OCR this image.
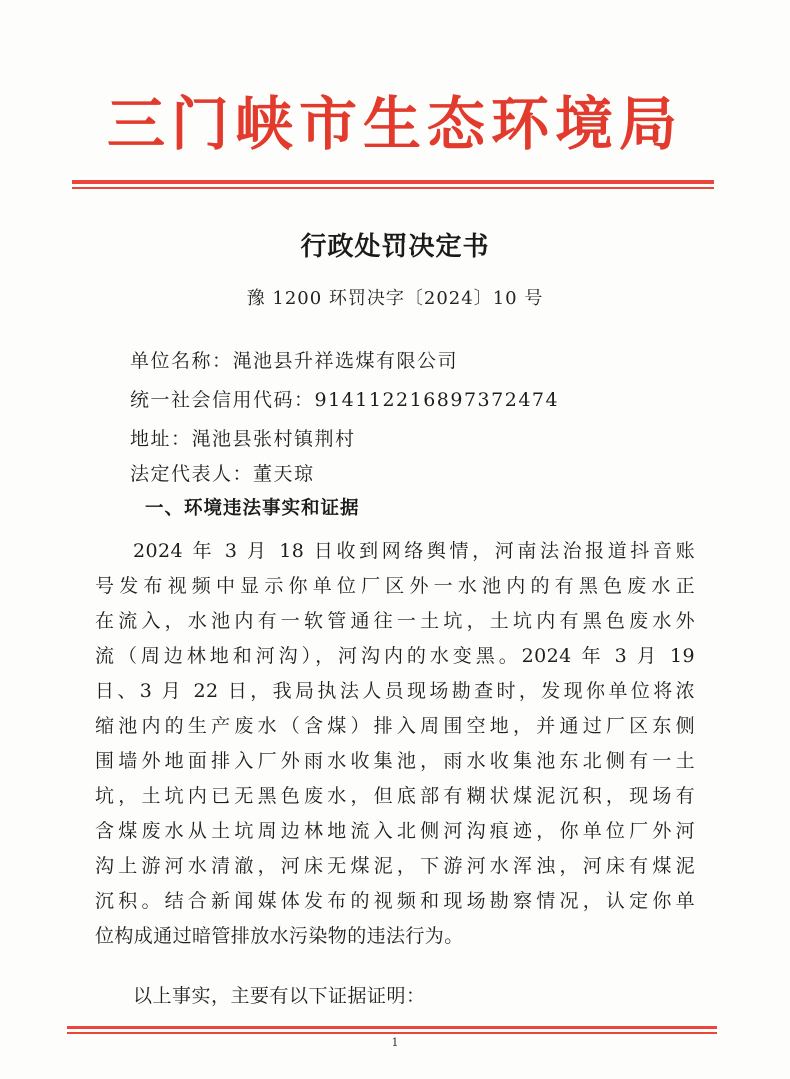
三门峡市生态环境局
行政处罚决定书
豫 1200 环罚决字〔2024〕10 号
单位名称：渑池县升祥选煤有限公司
统一社会信用代码：914112216897372474
地址：渑池县张村镇荆村
法定代表人：董天琼
一、环境违法事实和证据
2024 年 3 月 18 日收到网络舆情，河南法治报道抖音账
号发布视频中显示你单位厂区外一水池内的有黑色废水正
在流入，水池内有一软管通往一土坑，土坑内有黑色废水外
流（周边林地和河沟），河沟内的水变黑。2024 年 3 月 19
日、3 月 22 日，我局执法人员现场勘查时，发现你单位将浓
缩池内的生产废水（含煤）排入周围空地，并通过厂区东侧
围墙外地面排入厂外雨水收集池，雨水收集池东北侧有一土
坑，土坑内已无黑色废水，但底部有糊状煤泥沉积，现场有
含煤废水从土坑周边林地流入北侧河沟痕迹，你单位厂外河
沟上游河水清澈，河床无煤泥，下游河水浑浊，河床有煤泥
沉积。结合新闻媒体发布的视频和现场勘察情况，认定你单
位构成通过暗管排放水污染物的违法行为。
以上事实，主要有以下证据证明：
1
